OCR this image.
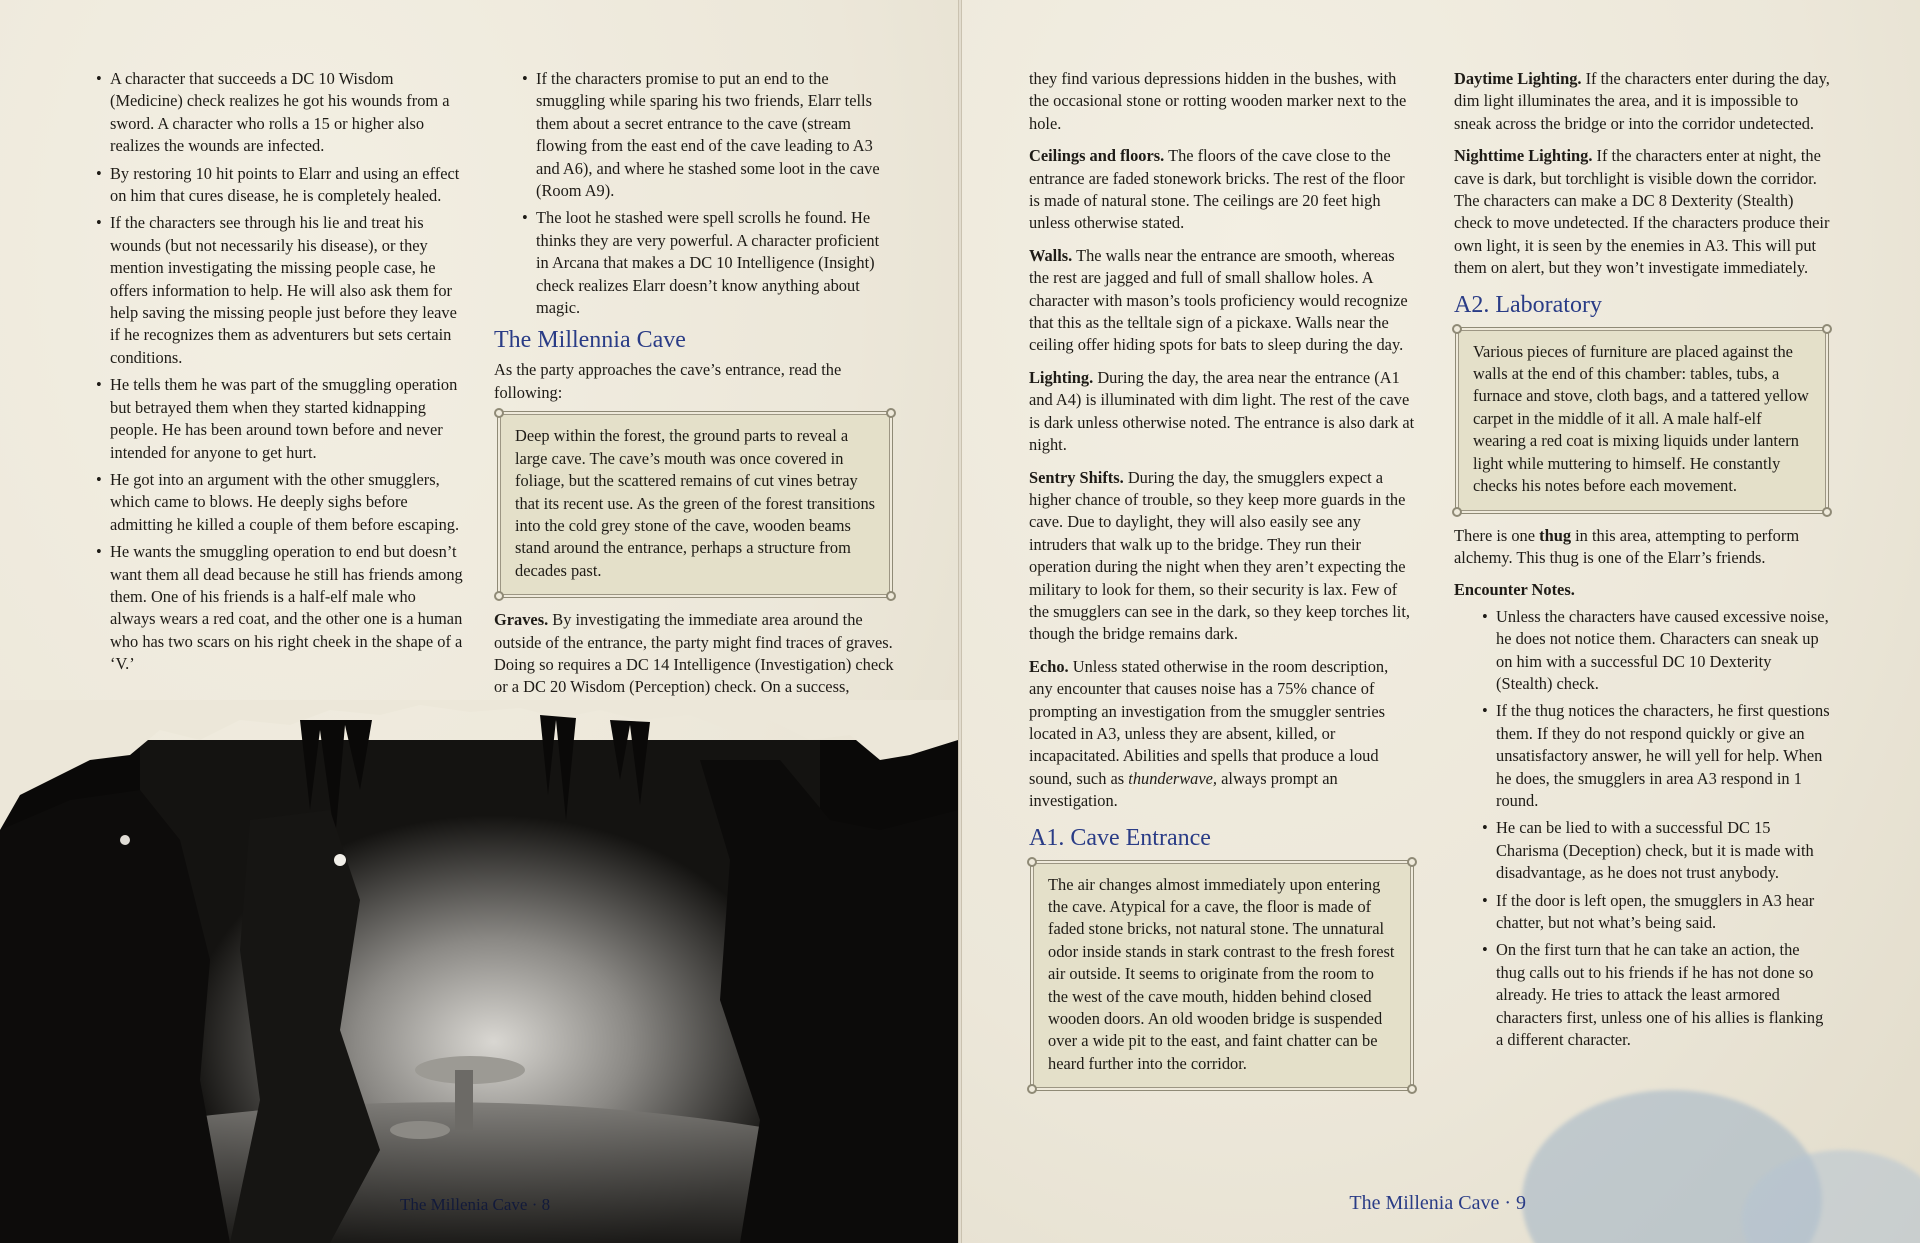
• A character that succeeds a DC 10 Wisdom (Medicine) check realizes he got his wounds from a sword. A character who rolls a 15 or higher also realizes the wounds are infected.
• By restoring 10 hit points to Elarr and using an effect on him that cures disease, he is completely healed.
• If the characters see through his lie and treat his wounds (but not necessarily his disease), or they mention investigating the missing people case, he offers information to help. He will also ask them for help saving the missing people just before they leave if he recognizes them as adventurers but sets certain conditions.
• He tells them he was part of the smuggling operation but betrayed them when they started kidnapping people. He has been around town before and never intended for anyone to get hurt.
• He got into an argument with the other smugglers, which came to blows. He deeply sighs before admitting he killed a couple of them before escaping.
• He wants the smuggling operation to end but doesn’t want them all dead because he still has friends among them. One of his friends is a half-elf male who always wears a red coat, and the other one is a human who has two scars on his right cheek in the shape of a ‘V.’
• If the characters promise to put an end to the smuggling while sparing his two friends, Elarr tells them about a secret entrance to the cave (stream flowing from the east end of the cave leading to A3 and A6), and where he stashed some loot in the cave (Room A9).
• The loot he stashed were spell scrolls he found. He thinks they are very powerful. A character proficient in Arcana that makes a DC 10 Intelligence (Insight) check realizes Elarr doesn’t know anything about magic.
The Millennia Cave

As the party approaches the cave’s entrance, read the following:

Deep within the forest, the ground parts to reveal a large cave. The cave’s mouth was once covered in foliage, but the scattered remains of cut vines betray that its recent use. As the green of the forest transitions into the cold grey stone of the cave, wooden beams stand around the entrance, perhaps a structure from decades past.

Graves. By investigating the immediate area around the outside of the entrance, the party might find traces of graves. Doing so requires a DC 14 Intelligence (Investigation) check or a DC 20 Wisdom (Perception) check. On a success,

The Millenia Cave · 8

they find various depressions hidden in the bushes, with the occasional stone or rotting wooden marker next to the hole.

Ceilings and floors. The floors of the cave close to the entrance are faded stonework bricks. The rest of the floor is made of natural stone. The ceilings are 20 feet high unless otherwise stated.

Walls. The walls near the entrance are smooth, whereas the rest are jagged and full of small shallow holes. A character with mason’s tools proficiency would recognize that this as the telltale sign of a pickaxe. Walls near the ceiling offer hiding spots for bats to sleep during the day.

Lighting. During the day, the area near the entrance (A1 and A4) is illuminated with dim light. The rest of the cave is dark unless otherwise noted. The entrance is also dark at night.

Sentry Shifts. During the day, the smugglers expect a higher chance of trouble, so they keep more guards in the cave. Due to daylight, they will also easily see any intruders that walk up to the bridge. They run their operation during the night when they aren’t expecting the military to look for them, so their security is lax. Few of the smugglers can see in the dark, so they keep torches lit, though the bridge remains dark.

Echo. Unless stated otherwise in the room description, any encounter that causes noise has a 75% chance of prompting an investigation from the smuggler sentries located in A3, unless they are absent, killed, or incapacitated. Abilities and spells that produce a loud sound, such as thunderwave, always prompt an investigation.

A1. Cave Entrance
The air changes almost immediately upon entering the cave. Atypical for a cave, the floor is made of faded stone bricks, not natural stone. The unnatural odor inside stands in stark contrast to the fresh forest air outside. It seems to originate from the room to the west of the cave mouth, hidden behind closed wooden doors. An old wooden bridge is suspended over a wide pit to the east, and faint chatter can be heard further into the corridor.

Daytime Lighting. If the characters enter during the day, dim light illuminates the area, and it is impossible to sneak across the bridge or into the corridor undetected.

Nighttime Lighting. If the characters enter at night, the cave is dark, but torchlight is visible down the corridor. The characters can make a DC 8 Dexterity (Stealth) check to move undetected. If the characters produce their own light, it is seen by the enemies in A3. This will put them on alert, but they won’t investigate immediately.

A2. Laboratory
Various pieces of furniture are placed against the walls at the end of this chamber: tables, tubs, a furnace and stove, cloth bags, and a tattered yellow carpet in the middle of it all. A male half-elf wearing a red coat is mixing liquids under lantern light while muttering to himself. He constantly checks his notes before each movement.

There is one thug in this area, attempting to perform alchemy. This thug is one of the Elarr’s friends.

Encounter Notes.

• Unless the characters have caused excessive noise, he does not notice them. Characters can sneak up on him with a successful DC 10 Dexterity (Stealth) check.
• If the thug notices the characters, he first questions them. If they do not respond quickly or give an unsatisfactory answer, he will yell for help. When he does, the smugglers in area A3 respond in 1 round.
• He can be lied to with a successful DC 15 Charisma (Deception) check, but it is made with disadvantage, as he does not trust anybody.
• If the door is left open, the smugglers in A3 hear chatter, but not what’s being said.
• On the first turn that he can take an action, the thug calls out to his friends if he has not done so already. He tries to attack the least armored characters first, unless one of his allies is flanking a different character.
The Millenia Cave · 9
